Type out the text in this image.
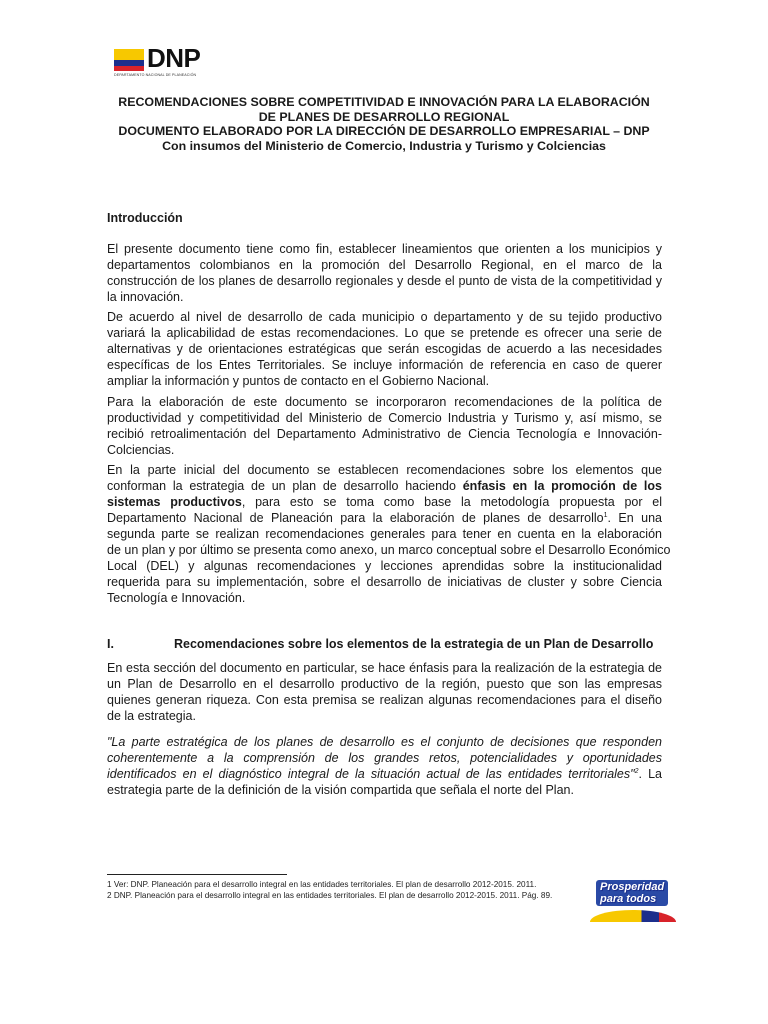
DNP
DEPARTAMENTO NACIONAL DE PLANEACIÓN
RECOMENDACIONES SOBRE COMPETITIVIDAD E INNOVACIÓN PARA LA ELABORACIÓN
DE PLANES DE DESARROLLO REGIONAL
DOCUMENTO ELABORADO POR LA DIRECCIÓN DE DESARROLLO EMPRESARIAL – DNP
Con insumos del Ministerio de Comercio, Industria y Turismo y Colciencias
Introducción

El presente documento tiene como fin, establecer lineamientos que orienten a los municipios y
departamentos colombianos en la promoción del Desarrollo Regional, en el marco de la
construcción de los planes de desarrollo regionales y desde el punto de vista de la competitividad y
la innovación.

De acuerdo al nivel de desarrollo de cada municipio o departamento y de su tejido productivo
variará la aplicabilidad de estas recomendaciones. Lo que se pretende es ofrecer una serie de
alternativas y de orientaciones estratégicas que serán escogidas de acuerdo a las necesidades
específicas de los Entes Territoriales. Se incluye información de referencia en caso de querer
ampliar la información y puntos de contacto en el Gobierno Nacional.

Para la elaboración de este documento se incorporaron recomendaciones de la política de
productividad y competitividad del Ministerio de Comercio Industria y Turismo y, así mismo, se
recibió retroalimentación del Departamento Administrativo de Ciencia Tecnología e Innovación-
Colciencias.

En la parte inicial del documento se establecen recomendaciones sobre los elementos que
conforman la estrategia de un plan de desarrollo haciendo énfasis en la promoción de los
sistemas productivos, para esto se toma como base la metodología propuesta por el
Departamento Nacional de Planeación para la elaboración de planes de desarrollo$^1$. En una
segunda parte se realizan recomendaciones generales para tener en cuenta en la elaboración
de un plan y por último se presenta como anexo, un marco conceptual sobre el Desarrollo Económico
Local (DEL) y algunas recomendaciones y lecciones aprendidas sobre la institucionalidad
requerida para su implementación, sobre el desarrollo de iniciativas de cluster y sobre Ciencia
Tecnología e Innovación.

I.	Recomendaciones sobre los elementos de la estrategia de un Plan de Desarrollo

En esta sección del documento en particular, se hace énfasis para la realización de la estrategia de
un Plan de Desarrollo en el desarrollo productivo de la región, puesto que son las empresas
quienes generan riqueza. Con esta premisa se realizan algunas recomendaciones para el diseño
de la estrategia.

"La parte estratégica de los planes de desarrollo es el conjunto de decisiones que responden
coherentemente a la comprensión de los grandes retos, potencialidades y oportunidades
identificados en el diagnóstico integral de la situación actual de las entidades territoriales"$^2$. La
estrategia parte de la definición de la visión compartida que señala el norte del Plan.

1 Ver: DNP. Planeación para el desarrollo integral en las entidades territoriales. El plan de desarrollo 2012-2015. 2011.
2 DNP. Planeación para el desarrollo integral en las entidades territoriales. El plan de desarrollo 2012-2015. 2011. Pág. 89.
Prosperidad
para todos
